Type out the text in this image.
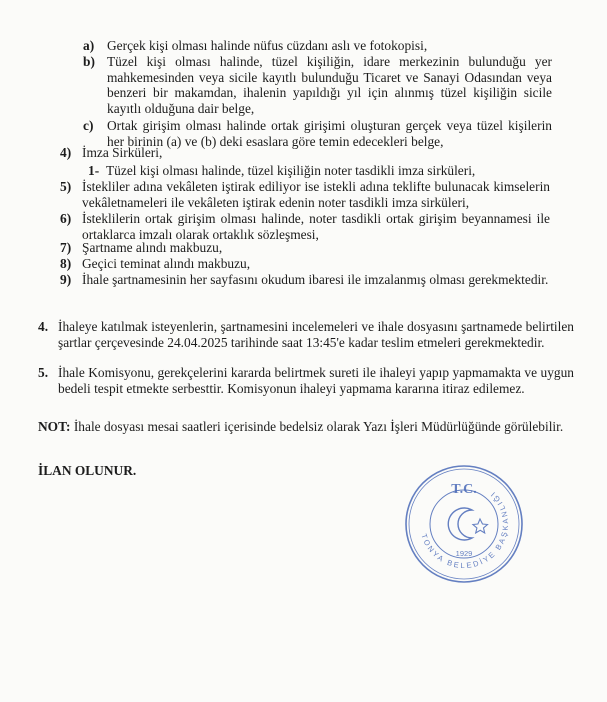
a) Gerçek kişi olması halinde nüfus cüzdanı aslı ve fotokopisi,
b) Tüzel kişi olması halinde, tüzel kişiliğin, idare merkezinin bulunduğu yer mahkemesinden veya sicile kayıtlı bulunduğu Ticaret ve Sanayi Odasından veya benzeri bir makamdan, ihalenin yapıldığı yıl için alınmış tüzel kişiliğin sicile kayıtlı olduğuna dair belge,
c) Ortak girişim olması halinde ortak girişimi oluşturan gerçek veya tüzel kişilerin her birinin (a) ve (b) deki esaslara göre temin edecekleri belge,
4) İmza Sirküleri,
1- Tüzel kişi olması halinde, tüzel kişiliğin noter tasdikli imza sirküleri,
5) İstekliler adına vekâleten iştirak ediliyor ise istekli adına teklifte bulunacak kimselerin vekâletnameleri ile vekâleten iştirak edenin noter tasdikli imza sirküleri,
6) İsteklilerin ortak girişim olması halinde, noter tasdikli ortak girişim beyannamesi ile ortaklarca imzalı olarak ortaklık sözleşmesi,
7) Şartname alındı makbuzu,
8) Geçici teminat alındı makbuzu,
9) İhale şartnamesinin her sayfasını okudum ibaresi ile imzalanmış olması gerekmektedir.
4. İhaleye katılmak isteyenlerin, şartnamesini incelemeleri ve ihale dosyasını şartnamede belirtilen şartlar çerçevesinde 24.04.2025 tarihinde saat 13:45'e kadar teslim etmeleri gerekmektedir.
5. İhale Komisyonu, gerekçelerini kararda belirtmek sureti ile ihaleyi yapıp yapmamakta ve uygun bedeli tespit etmekte serbesttir. Komisyonun ihaleyi yapmama kararına itiraz edilemez.
NOT: İhale dosyası mesai saatleri içerisinde bedelsiz olarak Yazı İşleri Müdürlüğünde görülebilir.
İLAN OLUNUR.
T.C.
TONYA BELEDİYE BAŞKANLIĞI
1929
